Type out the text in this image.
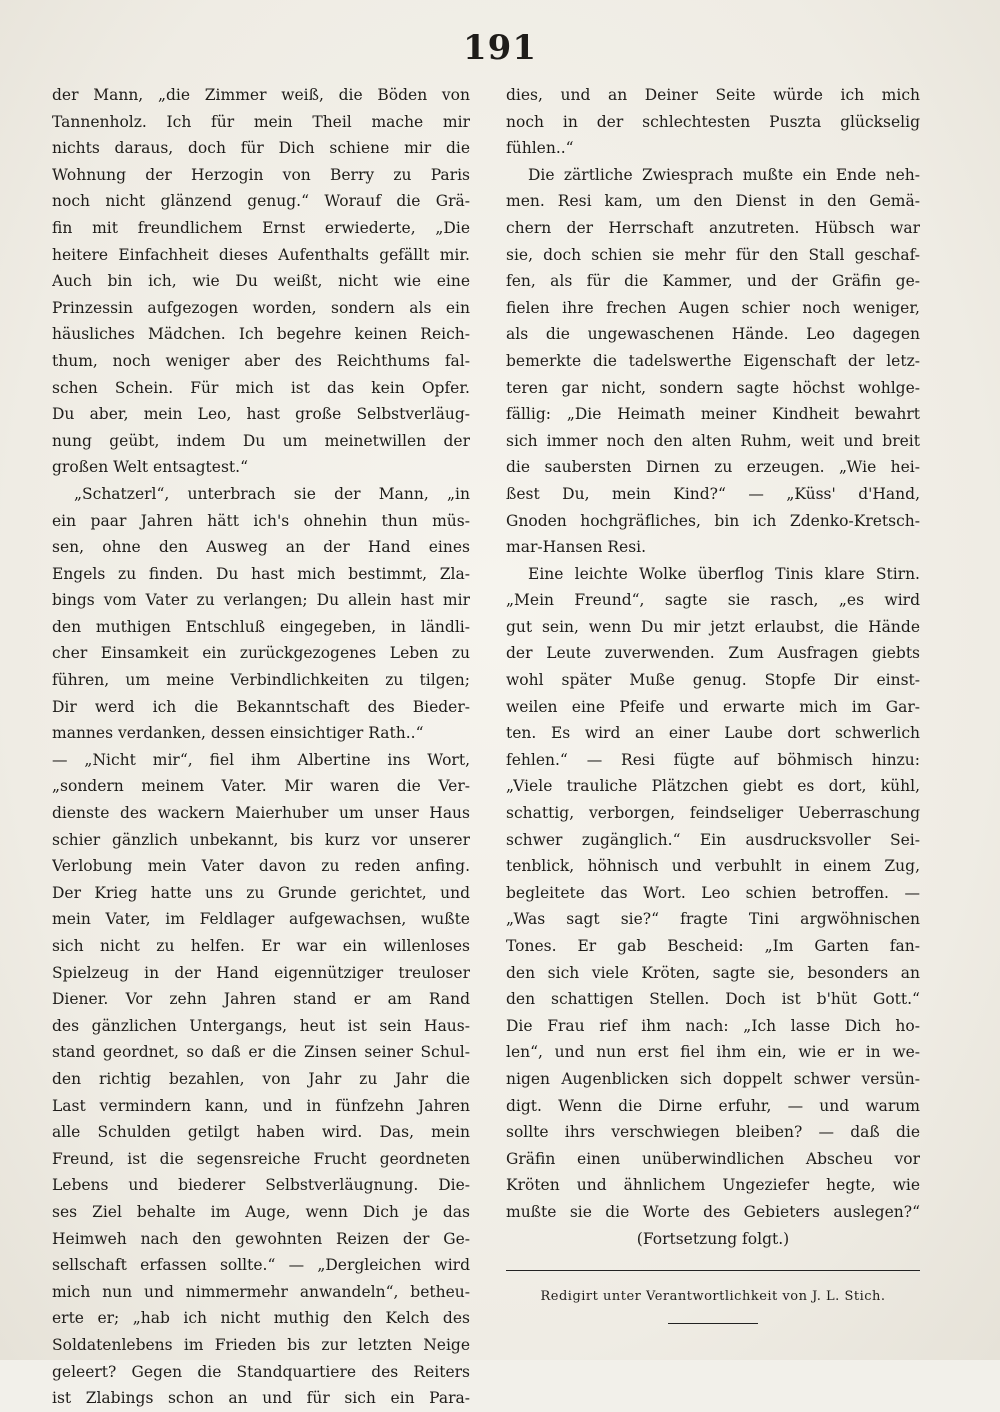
191
der Mann, „die Zimmer weiß, die Böden von
Tannenholz. Ich für mein Theil mache mir
nichts daraus, doch für Dich schiene mir die
Wohnung der Herzogin von Berry zu Paris
noch nicht glänzend genug.“ Worauf die Grä-
fin mit freundlichem Ernst erwiederte, „Die
heitere Einfachheit dieses Aufenthalts gefällt mir.
Auch bin ich, wie Du weißt, nicht wie eine
Prinzessin aufgezogen worden, sondern als ein
häusliches Mädchen. Ich begehre keinen Reich-
thum, noch weniger aber des Reichthums fal-
schen Schein. Für mich ist das kein Opfer.
Du aber, mein Leo, hast große Selbstverläug-
nung geübt, indem Du um meinetwillen der
großen Welt entsagtest.“
„Schatzerl“, unterbrach sie der Mann, „in
ein paar Jahren hätt ich's ohnehin thun müs-
sen, ohne den Ausweg an der Hand eines
Engels zu finden. Du hast mich bestimmt, Zla-
bings vom Vater zu verlangen; Du allein hast mir
den muthigen Entschluß eingegeben, in ländli-
cher Einsamkeit ein zurückgezogenes Leben zu
führen, um meine Verbindlichkeiten zu tilgen;
Dir werd ich die Bekanntschaft des Bieder-
mannes verdanken, dessen einsichtiger Rath..“
— „Nicht mir“, fiel ihm Albertine ins Wort,
„sondern meinem Vater. Mir waren die Ver-
dienste des wackern Maierhuber um unser Haus
schier gänzlich unbekannt, bis kurz vor unserer
Verlobung mein Vater davon zu reden anfing.
Der Krieg hatte uns zu Grunde gerichtet, und
mein Vater, im Feldlager aufgewachsen, wußte
sich nicht zu helfen. Er war ein willenloses
Spielzeug in der Hand eigennütziger treuloser
Diener. Vor zehn Jahren stand er am Rand
des gänzlichen Untergangs, heut ist sein Haus-
stand geordnet, so daß er die Zinsen seiner Schul-
den richtig bezahlen, von Jahr zu Jahr die
Last vermindern kann, und in fünfzehn Jahren
alle Schulden getilgt haben wird. Das, mein
Freund, ist die segensreiche Frucht geordneten
Lebens und biederer Selbstverläugnung. Die-
ses Ziel behalte im Auge, wenn Dich je das
Heimweh nach den gewohnten Reizen der Ge-
sellschaft erfassen sollte.“ — „Dergleichen wird
mich nun und nimmermehr anwandeln“, betheu-
erte er; „hab ich nicht muthig den Kelch des
Soldatenlebens im Frieden bis zur letzten Neige
geleert? Gegen die Standquartiere des Reiters
ist Zlabings schon an und für sich ein Para-
dies, und an Deiner Seite würde ich mich
noch in der schlechtesten Puszta glückselig
fühlen..“
Die zärtliche Zwiesprach mußte ein Ende neh-
men. Resi kam, um den Dienst in den Gemä-
chern der Herrschaft anzutreten. Hübsch war
sie, doch schien sie mehr für den Stall geschaf-
fen, als für die Kammer, und der Gräfin ge-
fielen ihre frechen Augen schier noch weniger,
als die ungewaschenen Hände. Leo dagegen
bemerkte die tadelswerthe Eigenschaft der letz-
teren gar nicht, sondern sagte höchst wohlge-
fällig: „Die Heimath meiner Kindheit bewahrt
sich immer noch den alten Ruhm, weit und breit
die saubersten Dirnen zu erzeugen. „Wie hei-
ßest Du, mein Kind?“ — „Küss' d'Hand,
Gnoden hochgräfliches, bin ich Zdenko-Kretsch-
mar-Hansen Resi.
Eine leichte Wolke überflog Tinis klare Stirn.
„Mein Freund“, sagte sie rasch, „es wird
gut sein, wenn Du mir jetzt erlaubst, die Hände
der Leute zuverwenden. Zum Ausfragen giebts
wohl später Muße genug. Stopfe Dir einst-
weilen eine Pfeife und erwarte mich im Gar-
ten. Es wird an einer Laube dort schwerlich
fehlen.“ — Resi fügte auf böhmisch hinzu:
„Viele trauliche Plätzchen giebt es dort, kühl,
schattig, verborgen, feindseliger Ueberraschung
schwer zugänglich.“ Ein ausdrucksvoller Sei-
tenblick, höhnisch und verbuhlt in einem Zug,
begleitete das Wort. Leo schien betroffen. —
„Was sagt sie?“ fragte Tini argwöhnischen
Tones. Er gab Bescheid: „Im Garten fan-
den sich viele Kröten, sagte sie, besonders an
den schattigen Stellen. Doch ist b'hüt Gott.“
Die Frau rief ihm nach: „Ich lasse Dich ho-
len“, und nun erst fiel ihm ein, wie er in we-
nigen Augenblicken sich doppelt schwer versün-
digt. Wenn die Dirne erfuhr, — und warum
sollte ihrs verschwiegen bleiben? — daß die
Gräfin einen unüberwindlichen Abscheu vor
Kröten und ähnlichem Ungeziefer hegte, wie
mußte sie die Worte des Gebieters auslegen?“
(Fortsetzung folgt.)
Redigirt unter Verantwortlichkeit von J. L. Stich.
